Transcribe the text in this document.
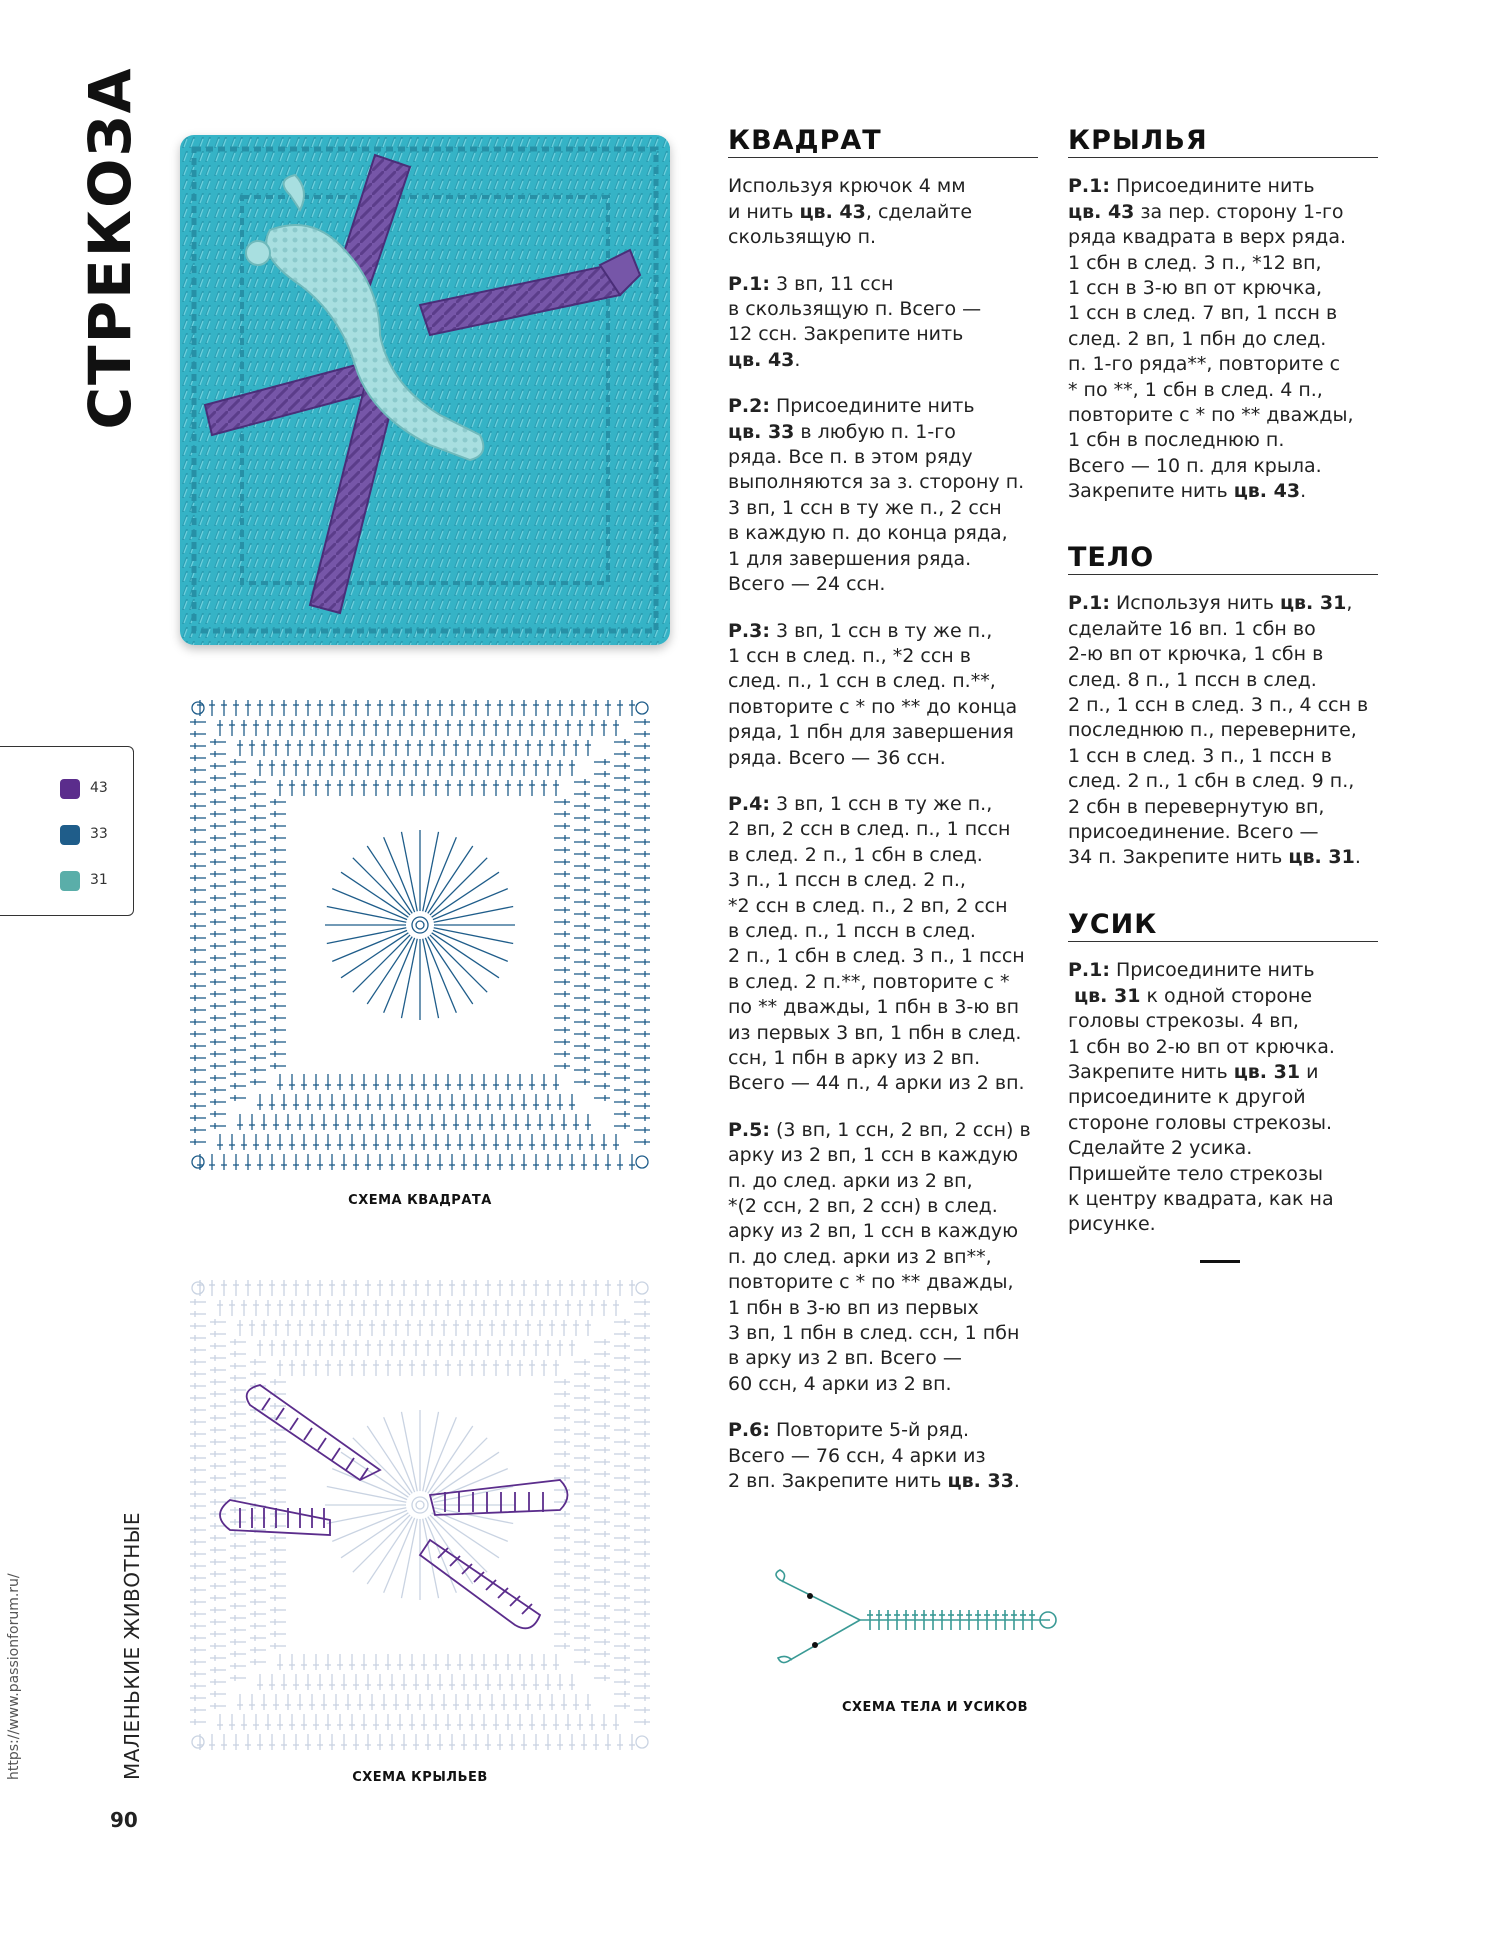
СТРЕКОЗА
СХЕМА КВАДРАТА
СХЕМА КРЫЛЬЕВ
СХЕМА ТЕЛА И УСИКОВ
43
33
31
КВАДРАТ

Используя крючок 4 мм
и нить цв. 43, сделайте
скользящую п.

Р.1: 3 вп, 11 ссн
в скользящую п. Всего —
12 ссн. Закрепите нить
цв. 43.

Р.2: Присоедините нить
цв. 33 в любую п. 1-го
ряда. Все п. в этом ряду
выполняются за з. сторону п.
3 вп, 1 ссн в ту же п., 2 ссн
в каждую п. до конца ряда,
1 для завершения ряда.
Всего — 24 ссн.

Р.3: 3 вп, 1 ссн в ту же п.,
1 ссн в след. п., *2 ссн в
след. п., 1 ссн в след. п.**,
повторите с * по ** до конца
ряда, 1 пбн для завершения
ряда. Всего — 36 ссн.

Р.4: 3 вп, 1 ссн в ту же п.,
2 вп, 2 ссн в след. п., 1 пссн
в след. 2 п., 1 сбн в след.
3 п., 1 пссн в след. 2 п.,
*2 ссн в след. п., 2 вп, 2 ссн
в след. п., 1 пссн в след.
2 п., 1 сбн в след. 3 п., 1 пссн
в след. 2 п.**, повторите с *
по ** дважды, 1 пбн в 3-ю вп
из первых 3 вп, 1 пбн в след.
ссн, 1 пбн в арку из 2 вп.
Всего — 44 п., 4 арки из 2 вп.

Р.5: (3 вп, 1 ссн, 2 вп, 2 ссн) в
арку из 2 вп, 1 ссн в каждую
п. до след. арки из 2 вп,
*(2 ссн, 2 вп, 2 ссн) в след.
арку из 2 вп, 1 ссн в каждую
п. до след. арки из 2 вп**,
повторите с * по ** дважды,
1 пбн в 3-ю вп из первых
3 вп, 1 пбн в след. ссн, 1 пбн
в арку из 2 вп. Всего —
60 ссн, 4 арки из 2 вп.

Р.6: Повторите 5-й ряд.
Всего — 76 ссн, 4 арки из
2 вп. Закрепите нить цв. 33.

КРЫЛЬЯ

Р.1: Присоедините нить
цв. 43 за пер. сторону 1-го
ряда квадрата в верх ряда.
1 сбн в след. 3 п., *12 вп,
1 ссн в 3-ю вп от крючка,
1 ссн в след. 7 вп, 1 пссн в
след. 2 вп, 1 пбн до след.
п. 1-го ряда**, повторите с
* по **, 1 сбн в след. 4 п.,
повторите с * по ** дважды,
1 сбн в последнюю п.
Всего — 10 п. для крыла.
Закрепите нить цв. 43.

ТЕЛО

Р.1: Используя нить цв. 31,
сделайте 16 вп. 1 сбн во
2-ю вп от крючка, 1 сбн в
след. 8 п., 1 пссн в след.
2 п., 1 ссн в след. 3 п., 4 ссн в
последнюю п., переверните,
1 ссн в след. 3 п., 1 пссн в
след. 2 п., 1 сбн в след. 9 п.,
2 сбн в перевернутую вп,
присоединение. Всего —
34 п. Закрепите нить цв. 31.

УСИК

Р.1: Присоедините нить
цв. 31 к одной стороне
головы стрекозы. 4 вп,
1 сбн во 2-ю вп от крючка.
Закрепите нить цв. 31 и
присоедините к другой
стороне головы стрекозы.
Сделайте 2 усика.
Пришейте тело стрекозы
к центру квадрата, как на
рисунке.

МАЛЕНЬКИЕ ЖИВОТНЫЕ
https://www.passionforum.ru/
90
